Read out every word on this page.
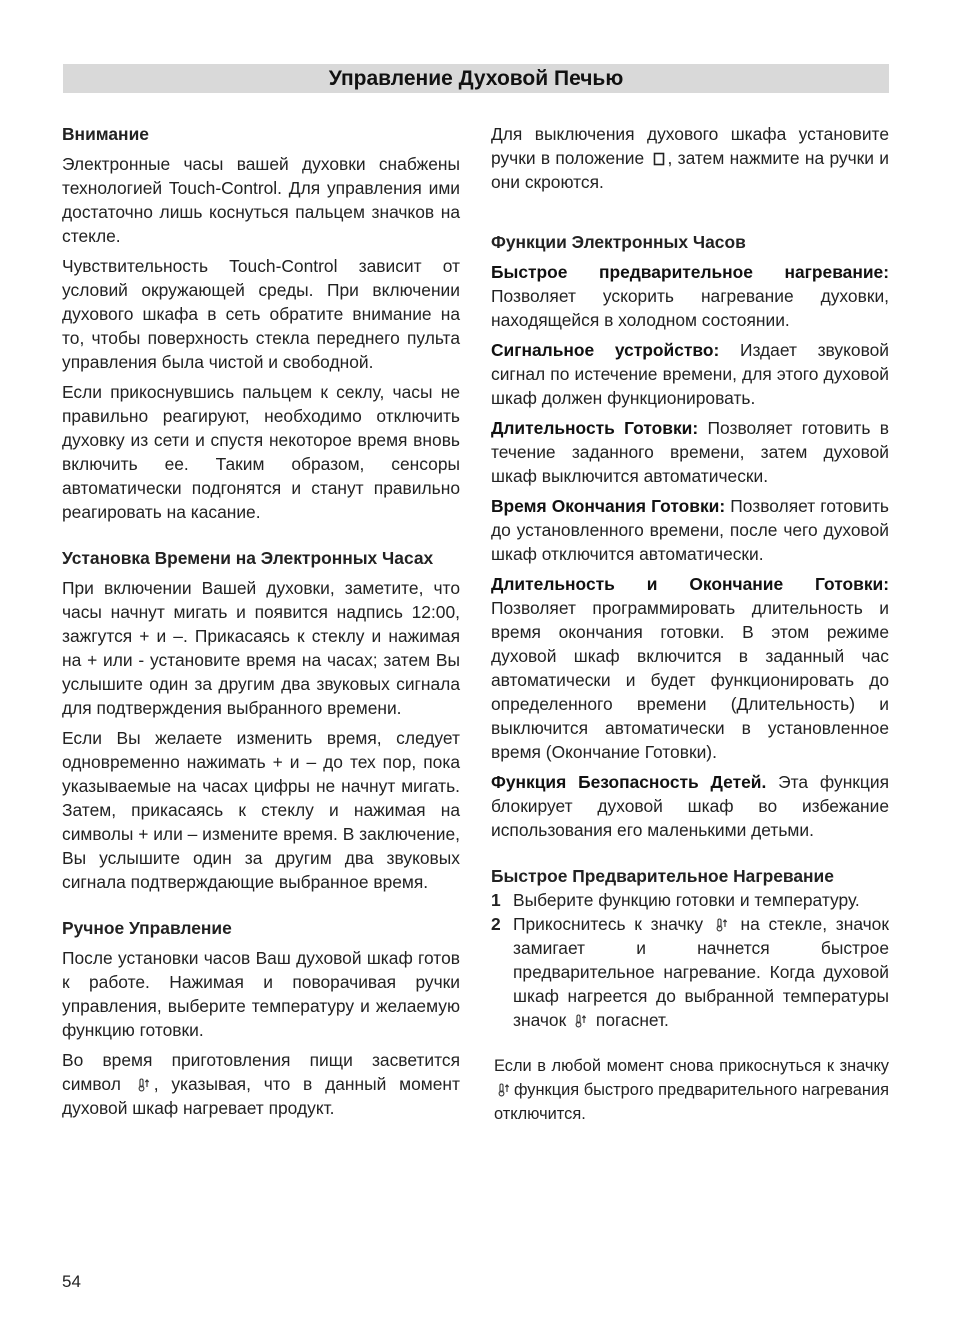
Управление Духовой Печью

Внимание

Электронные часы вашей духовки снабжены технологией Touch-Control. Для управления ими достаточно лишь коснуться пальцем значков на стекле.

Чувствительность Touch-Control зависит от условий окружающей среды. При включении духового шкафа в сеть обратите внимание на то, чтобы поверхность стекла переднего пульта управления была чистой и свободной.

Если прикоснувшись пальцем к секлу, часы не правильно реагируют, необходимо отключить духовку из сети и спустя некоторое время вновь включить ее. Таким образом, сенсоры автоматически подгонятся и станут правильно реагировать на касание.

Установка Времени на Электронных Часах

При включении Вашей духовки, заметите, что часы начнут мигать и появится надпись 12:00, зажгутся + и –. Прикасаясь к стеклу и нажимая на + или - установите время на часах; затем Вы услышите один за другим два звуковых сигнала для подтверждения выбранного времени.

Если Вы желаете изменить время, следует одновременно нажимать + и – до тех пор, пока указываемые на часах цифры не начнут мигать. Затем, прикасаясь к стеклу и нажимая на символы + или – измените время. В заключение, Вы услышите один за другим два звуковых сигнала подтверждающие выбранное время.

Ручное Управление

После установки часов Ваш духовой шкаф готов к работе. Нажимая и поворачивая ручки управления, выберите температуру и желаемую функцию готовки.

Во время приготовления пищи засветится символ , указывая, что в данный момент духовой шкаф нагревает продукт.

Для выключения духового шкафа установите ручки в положение , затем нажмите на ручки и они скроются.

Функции Электронных Часов

Быстрое предварительное нагревание: Позволяет ускорить нагревание духовки, находящейся в холодном состоянии.

Сигнальное устройство: Издает звуковой сигнал по истечение времени, для этого духовой шкаф должен функционировать.

Длительность Готовки: Позволяет готовить в течение заданного времени, затем духовой шкаф выключится автоматически.

Время Окончания Готовки: Позволяет готовить до установленного времени, после чего духовой шкаф отключится автоматически.

Длительность и Окончание Готовки: Позволяет программировать длительность и время окончания готовки. В этом режиме духовой шкаф включится в заданный час автоматически и будет функционировать до определенного времени (Длительность) и выключится автоматически в установленное время (Окончание Готовки).

Функция Безопасность Детей. Эта функция блокирует духовой шкаф во избежание использования его маленькими детьми.

Быстрое Предварительное Нагревание

1 Выберите функцию готовки и температуру.
2 Прикоснитесь к значку на стекле, значок замигает и начнется быстрое предварительное нагревание. Когда духовой шкаф нагреется до выбранной температуры значок погаснет.

Если в любой момент снова прикоснуться к значку
функция быстрого предварительного нагревания отключится.

54
